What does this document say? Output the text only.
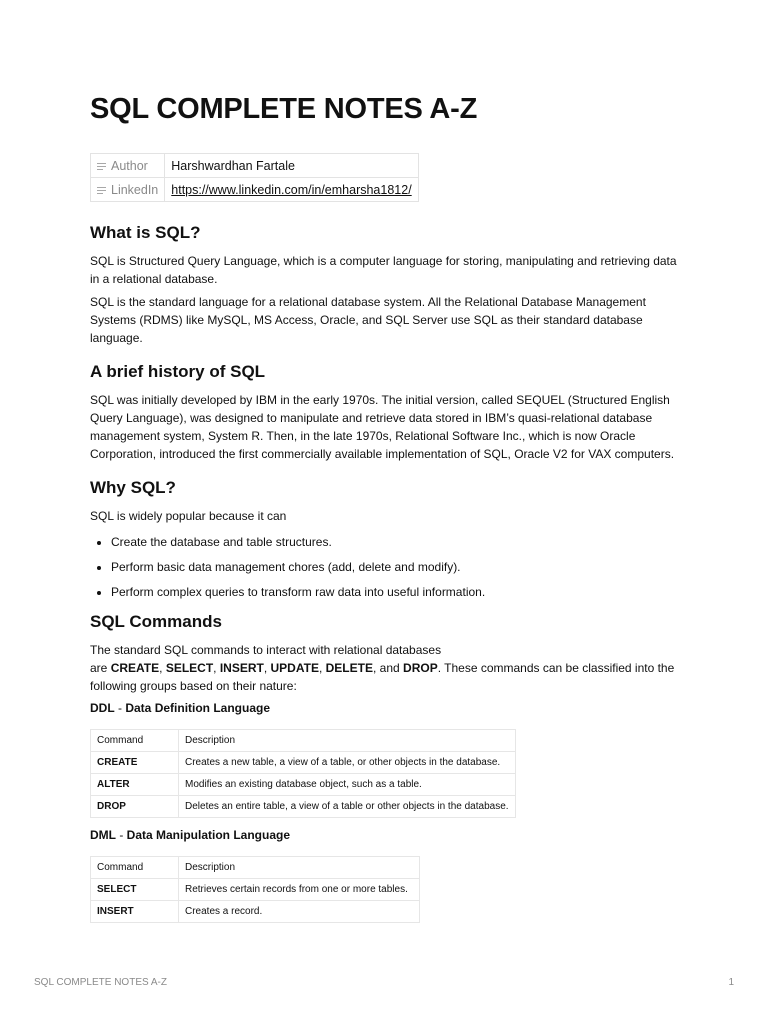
SQL COMPLETE NOTES A-Z
Author	Harshwardhan Fartale
LinkedIn	https://www.linkedin.com/in/emharsha1812/
What is SQL?

SQL is Structured Query Language, which is a computer language for storing, manipulating and retrieving data in a relational database.

SQL is the standard language for a relational database system. All the Relational Database Management Systems (RDMS) like MySQL, MS Access, Oracle, and SQL Server use SQL as their standard database language.

A brief history of SQL

SQL was initially developed by IBM in the early 1970s. The initial version, called SEQUEL (Structured English Query Language), was designed to manipulate and retrieve data stored in IBM’s quasi-relational database management system, System R. Then, in the late 1970s, Relational Software Inc., which is now Oracle Corporation, introduced the first commercially available implementation of SQL, Oracle V2 for VAX computers.

Why SQL?

SQL is widely popular because it can

• Create the database and table structures.
• Perform basic data management chores (add, delete and modify).
• Perform complex queries to transform raw data into useful information.
SQL Commands

The standard SQL commands to interact with relational databases
are CREATE, SELECT, INSERT, UPDATE, DELETE, and DROP. These commands can be classified into the following groups based on their nature:

DDL - Data Definition Language
Command	Description
CREATE	Creates a new table, a view of a table, or other objects in the database.
ALTER	Modifies an existing database object, such as a table.
DROP	Deletes an entire table, a view of a table or other objects in the database.
DML - Data Manipulation Language
Command	Description
SELECT	Retrieves certain records from one or more tables.
INSERT	Creates a record.
SQL COMPLETE NOTES A-Z	1
